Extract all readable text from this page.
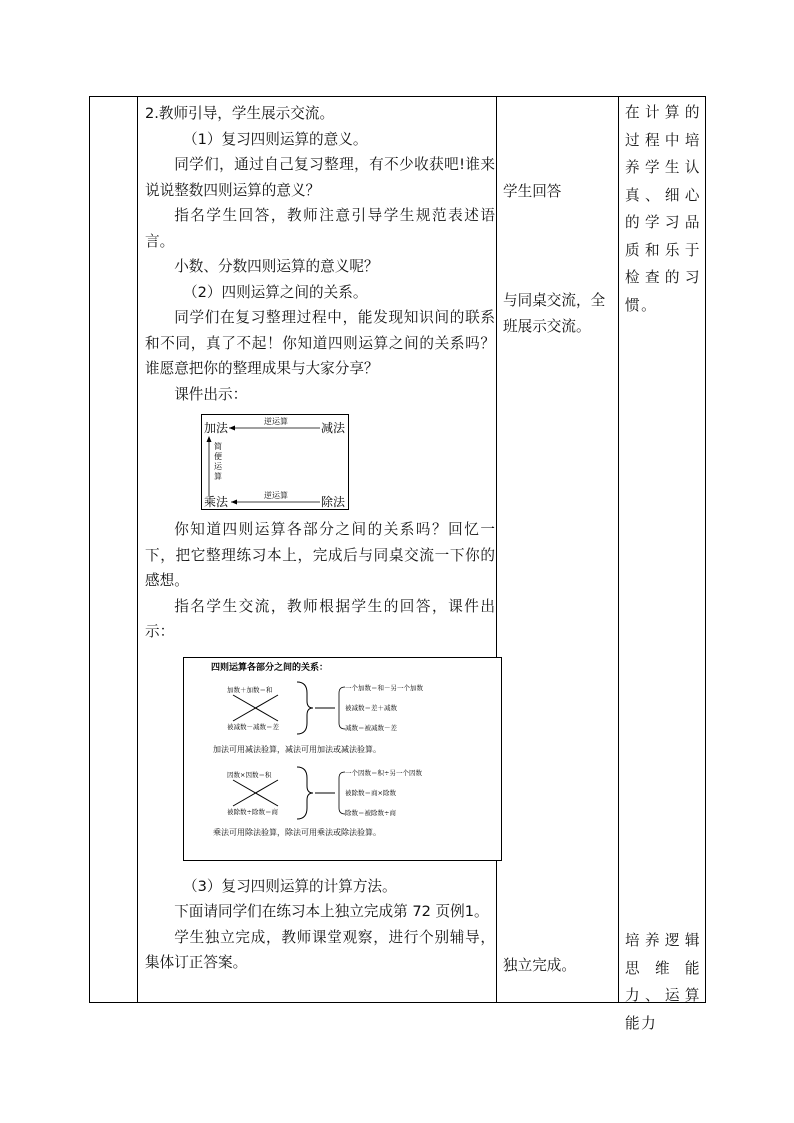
2.教师引导，学生展示交流。

（1）复习四则运算的意义。

同学们，通过自己复习整理，有不少收获吧!谁来说说整数四则运算的意义？

指名学生回答，教师注意引导学生规范表述语言。

小数、分数四则运算的意义呢？

（2）四则运算之间的关系。

同学们在复习整理过程中，能发现知识间的联系和不同，真了不起！你知道四则运算之间的关系吗？谁愿意把你的整理成果与大家分享？

课件出示：

你知道四则运算各部分之间的关系吗？回忆一下，把它整理练习本上，完成后与同桌交流一下你的感想。

指名学生交流，教师根据学生的回答，课件出示：

（3）复习四则运算的计算方法。

下面请同学们在练习本上独立完成第 72 页例1。

学生独立完成，教师课堂观察，进行个别辅导，集体订正答案。

加法	减法
逆运算
简
便
运
算
乘法	除法
逆运算
四则运算各部分之间的关系：
加数＋加数＝和
被减数－减数＝差
一个加数＝和－另一个加数
被减数＝差＋减数
减数＝被减数－差
加法可用减法验算，减法可用加法或减法验算。
因数×因数＝积
被除数÷除数＝商
一个因数＝积÷另一个因数
被除数＝商×除数
除数＝被除数÷商
乘法可用除法验算，除法可用乘法或除法验算。
学生回答
与同桌交流，全班展示交流。
独立完成。
在计算的过程中培养学生认真、细心的学习品质和乐于检查的习惯。
培养逻辑思维能力、运算能力
